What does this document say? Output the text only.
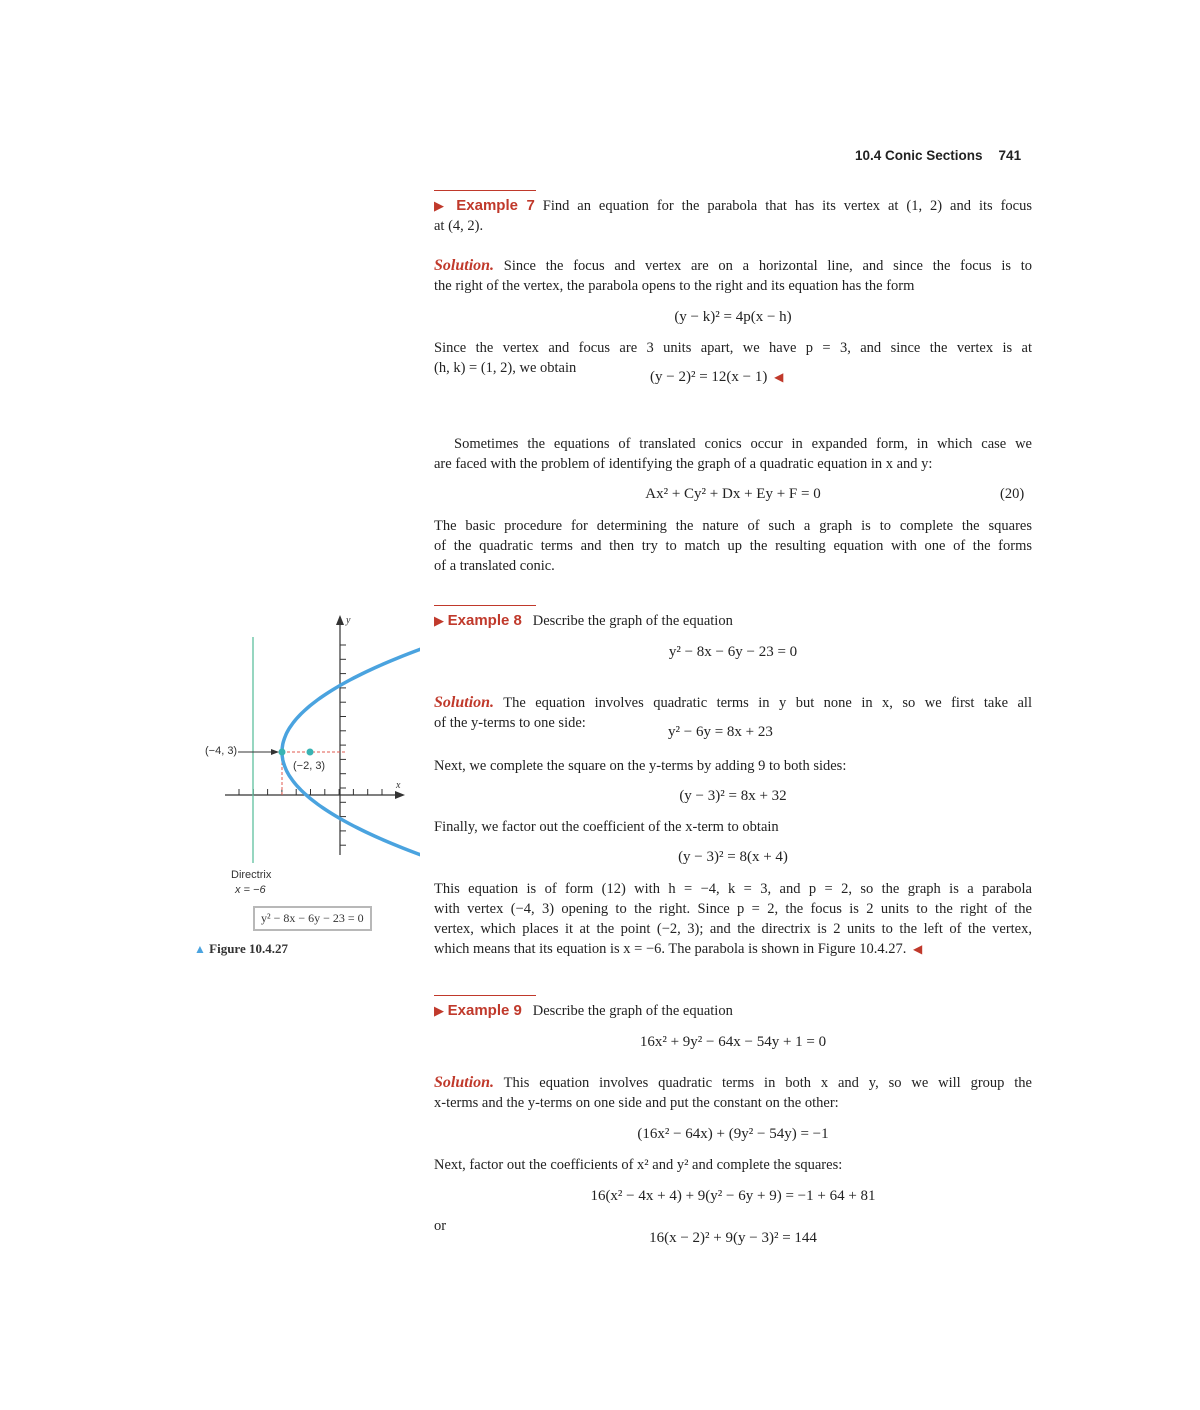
10.4 Conic Sections 741
▶ Example 7 Find an equation for the parabola that has its vertex at (1, 2) and its focus
at (4, 2).
Solution. Since the focus and vertex are on a horizontal line, and since the focus is to
the right of the vertex, the parabola opens to the right and its equation has the form
(y − k)² = 4p(x − h)
Since the vertex and focus are 3 units apart, we have p = 3, and since the vertex is at
(h, k) = (1, 2), we obtain
(y − 2)² = 12(x − 1)  ◀
Sometimes the equations of translated conics occur in expanded form, in which case we
are faced with the problem of identifying the graph of a quadratic equation in x and y:
Ax² + Cy² + Dx + Ey + F = 0	(20)
The basic procedure for determining the nature of such a graph is to complete the squares
of the quadratic terms and then try to match up the resulting equation with one of the forms
of a translated conic.
▶ Example 8 Describe the graph of the equation
y² − 8x − 6y − 23 = 0
Solution. The equation involves quadratic terms in y but none in x, so we first take all
of the y-terms to one side:
y² − 6y = 8x + 23
Next, we complete the square on the y-terms by adding 9 to both sides:
(y − 3)² = 8x + 32
Finally, we factor out the coefficient of the x-term to obtain
(y − 3)² = 8(x + 4)
This equation is of form (12) with h = −4, k = 3, and p = 2, so the graph is a parabola
with vertex (−4, 3) opening to the right. Since p = 2, the focus is 2 units to the right of the
vertex, which places it at the point (−2, 3); and the directrix is 2 units to the left of the vertex,
which means that its equation is x = −6. The parabola is shown in Figure 10.4.27.  ◀
▶ Example 9 Describe the graph of the equation
16x² + 9y² − 64x − 54y + 1 = 0
Solution. This equation involves quadratic terms in both x and y, so we will group the
x-terms and the y-terms on one side and put the constant on the other:
(16x² − 64x) + (9y² − 54y) = −1
Next, factor out the coefficients of x² and y² and complete the squares:
16(x² − 4x + 4) + 9(y² − 6y + 9) = −1 + 64 + 81
or
16(x − 2)² + 9(y − 3)² = 144
y
x
(−4, 3)
(−2, 3)
Directrix
x = −6
y² − 8x − 6y − 23 = 0
▲ Figure 10.4.27
